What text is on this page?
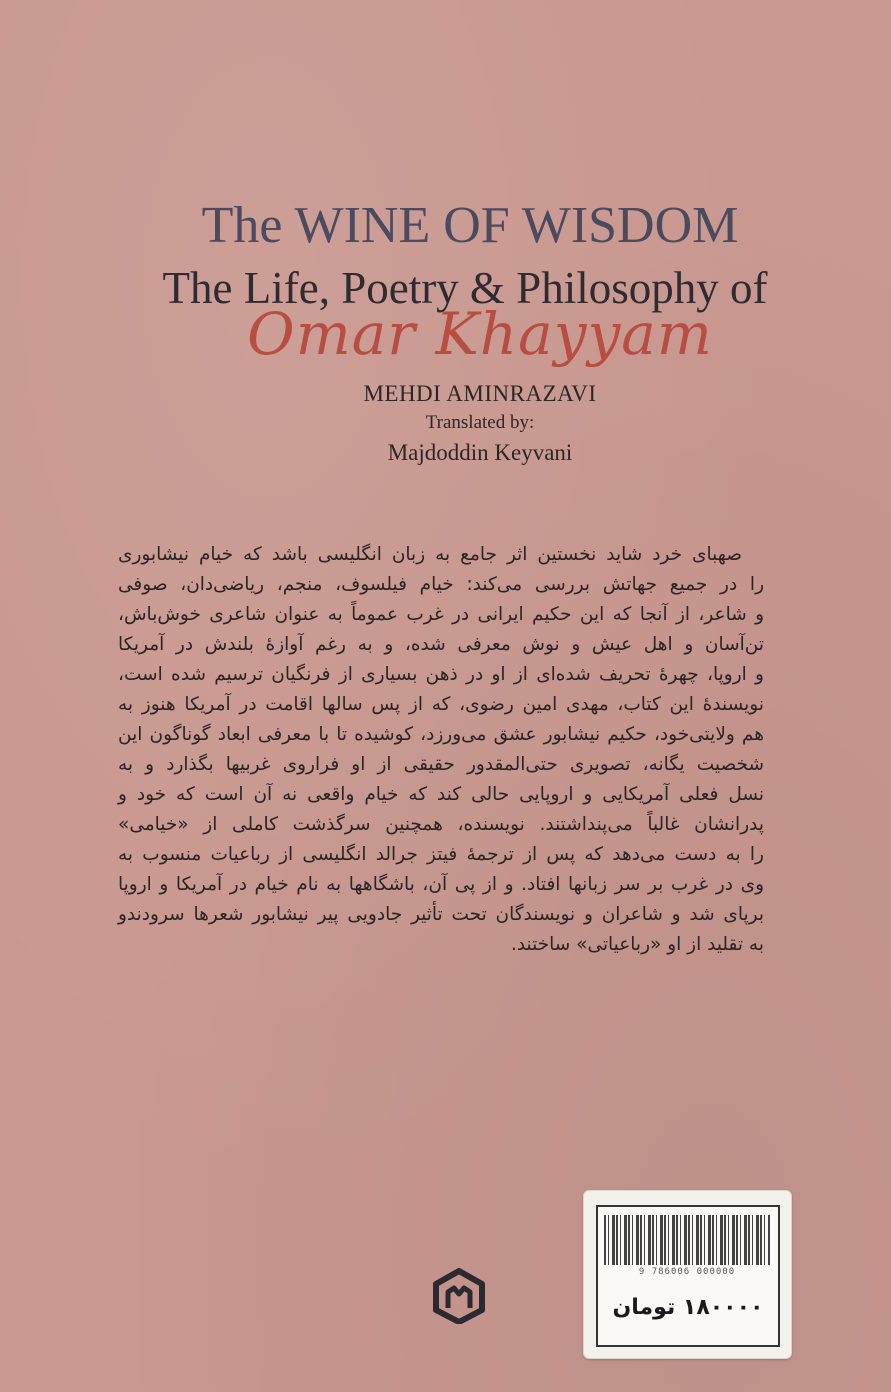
The WINE OF WISDOM
The Life, Poetry & Philosophy of
Omar Khayyam
MEHDI AMINRAZAVI
Translated by:
Majdoddin Keyvani

صهبای خرد شاید نخستین اثر جامع به زبان انگلیسی باشد که خیام نیشابوری

را در جمیع جهاتش بررسی می‌کند: خیام فیلسوف، منجم، ریاضی‌دان، صوفی

و شاعر، از آنجا که این حکیم ایرانی در غرب عموماً به عنوان شاعری خوش‌باش،

تن‌آسان و اهل عیش و نوش معرفی شده، و به رغم آوازهٔ بلندش در آمریکا

و اروپا، چهرهٔ تحریف شده‌ای از او در ذهن بسیاری از فرنگیان ترسیم شده است،

نویسندهٔ این کتاب، مهدی امین رضوی، که از پس سالها اقامت در آمریکا هنوز به

هم ولایتی‌خود، حکیم نیشابور عشق می‌ورزد، کوشیده تا با معرفی ابعاد گوناگون این

شخصیت یگانه، تصویری حتی‌المقدور حقیقی از او فراروی غربیها بگذارد و به

نسل فعلی آمریکایی و اروپایی حالی کند که خیام واقعی نه آن است که خود و

پدرانشان غالباً می‌پنداشتند. نویسنده، همچنین سرگذشت کاملی از «خیامی»

را به دست می‌دهد که پس از ترجمهٔ فیتز جرالد انگلیسی از رباعیات منسوب به

وی در غرب بر سر زبانها افتاد. و از پی آن، باشگاهها به نام خیام در آمریکا و اروپا

برپای شد و شاعران و نویسندگان تحت تأثیر جادویی پیر نیشابور شعرها سرودندو

به تقلید از او «رباعیاتی» ساختند.

9 786006 000000
۱۸۰۰۰۰ تومان
